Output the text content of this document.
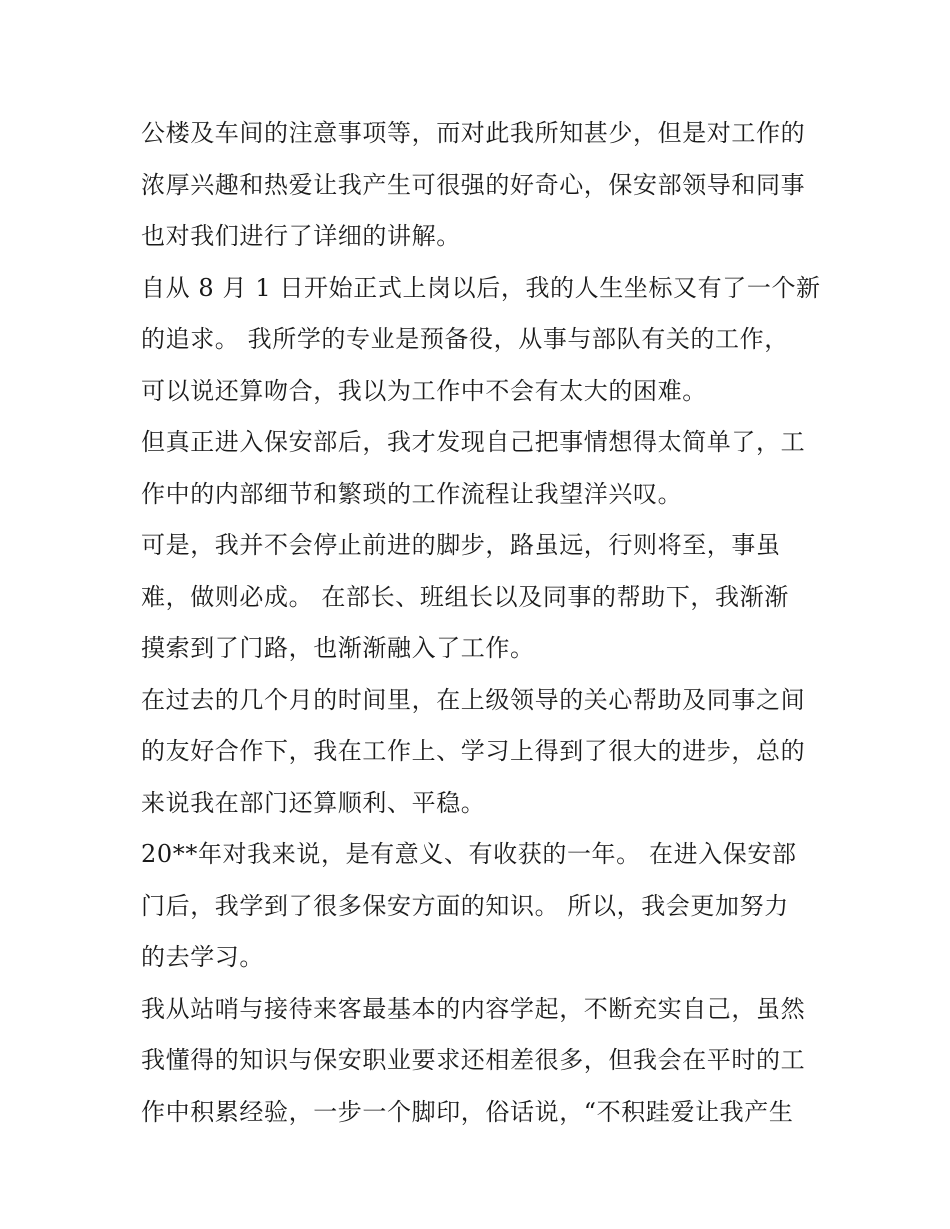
公楼及车间的注意事项等，而对此我所知甚少，但是对工作的
浓厚兴趣和热爱让我产生可很强的好奇心，保安部领导和同事
也对我们进行了详细的讲解。
自从 8 月 1 日开始正式上岗以后，我的人生坐标又有了一个新
的追求。 我所学的专业是预备役，从事与部队有关的工作，
可以说还算吻合，我以为工作中不会有太大的困难。
但真正进入保安部后，我才发现自己把事情想得太简单了，工
作中的内部细节和繁琐的工作流程让我望洋兴叹。
可是，我并不会停止前进的脚步，路虽远，行则将至，事虽
难，做则必成。 在部长、班组长以及同事的帮助下，我渐渐
摸索到了门路，也渐渐融入了工作。
在过去的几个月的时间里，在上级领导的关心帮助及同事之间
的友好合作下，我在工作上、学习上得到了很大的进步，总的
来说我在部门还算顺利、平稳。
20**年对我来说，是有意义、有收获的一年。 在进入保安部
门后，我学到了很多保安方面的知识。 所以，我会更加努力
的去学习。
我从站哨与接待来客最基本的内容学起，不断充实自己，虽然
我懂得的知识与保安职业要求还相差很多，但我会在平时的工
作中积累经验，一步一个脚印，俗话说，“不积跬爱让我产生
